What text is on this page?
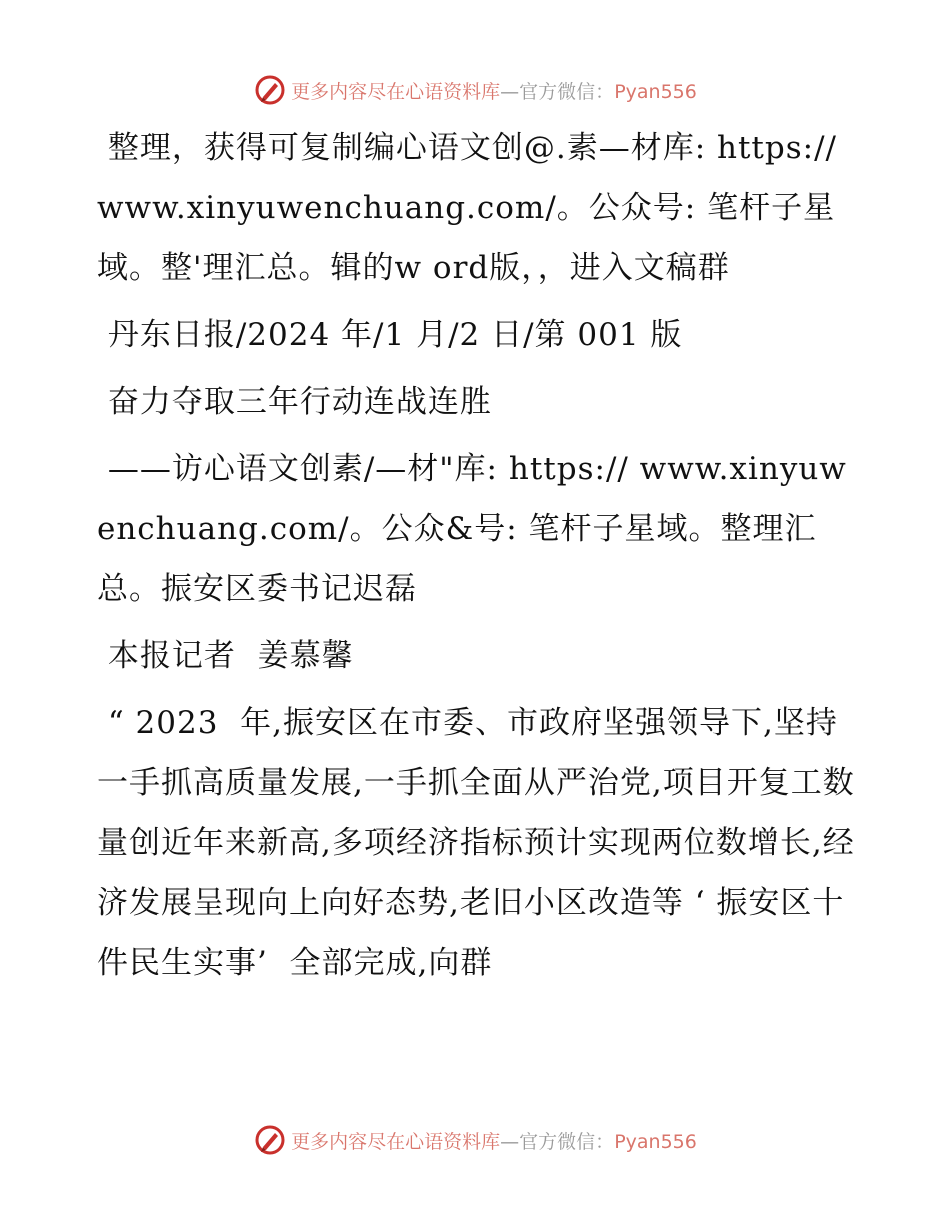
更多内容尽在心语资料库—官方微信：Pyan556

整理，获得可复制编心语文创@.素—材库: https://www.xinyuwenchuang.com/。公众号: 笔杆子星域。整'理汇总。辑的w ord版，，进入文稿群

丹东日报/2024 年/1 月/2 日/第 001 版

奋力夺取三年行动连战连胜

——访心语文创素/—材"库: https:// www.xinyuwenchuang.com/。公众&号: 笔杆子星域。整理汇总。振安区委书记迟磊

本报记者  姜慕馨

“ 2023  年,振安区在市委、市政府坚强领导下,坚持一手抓高质量发展,一手抓全面从严治党,项目开复工数量创近年来新高,多项经济指标预计实现两位数增长,经济发展呈现向上向好态势,老旧小区改造等 ‘ 振安区十件民生实事’  全部完成,向群

更多内容尽在心语资料库—官方微信：Pyan556
